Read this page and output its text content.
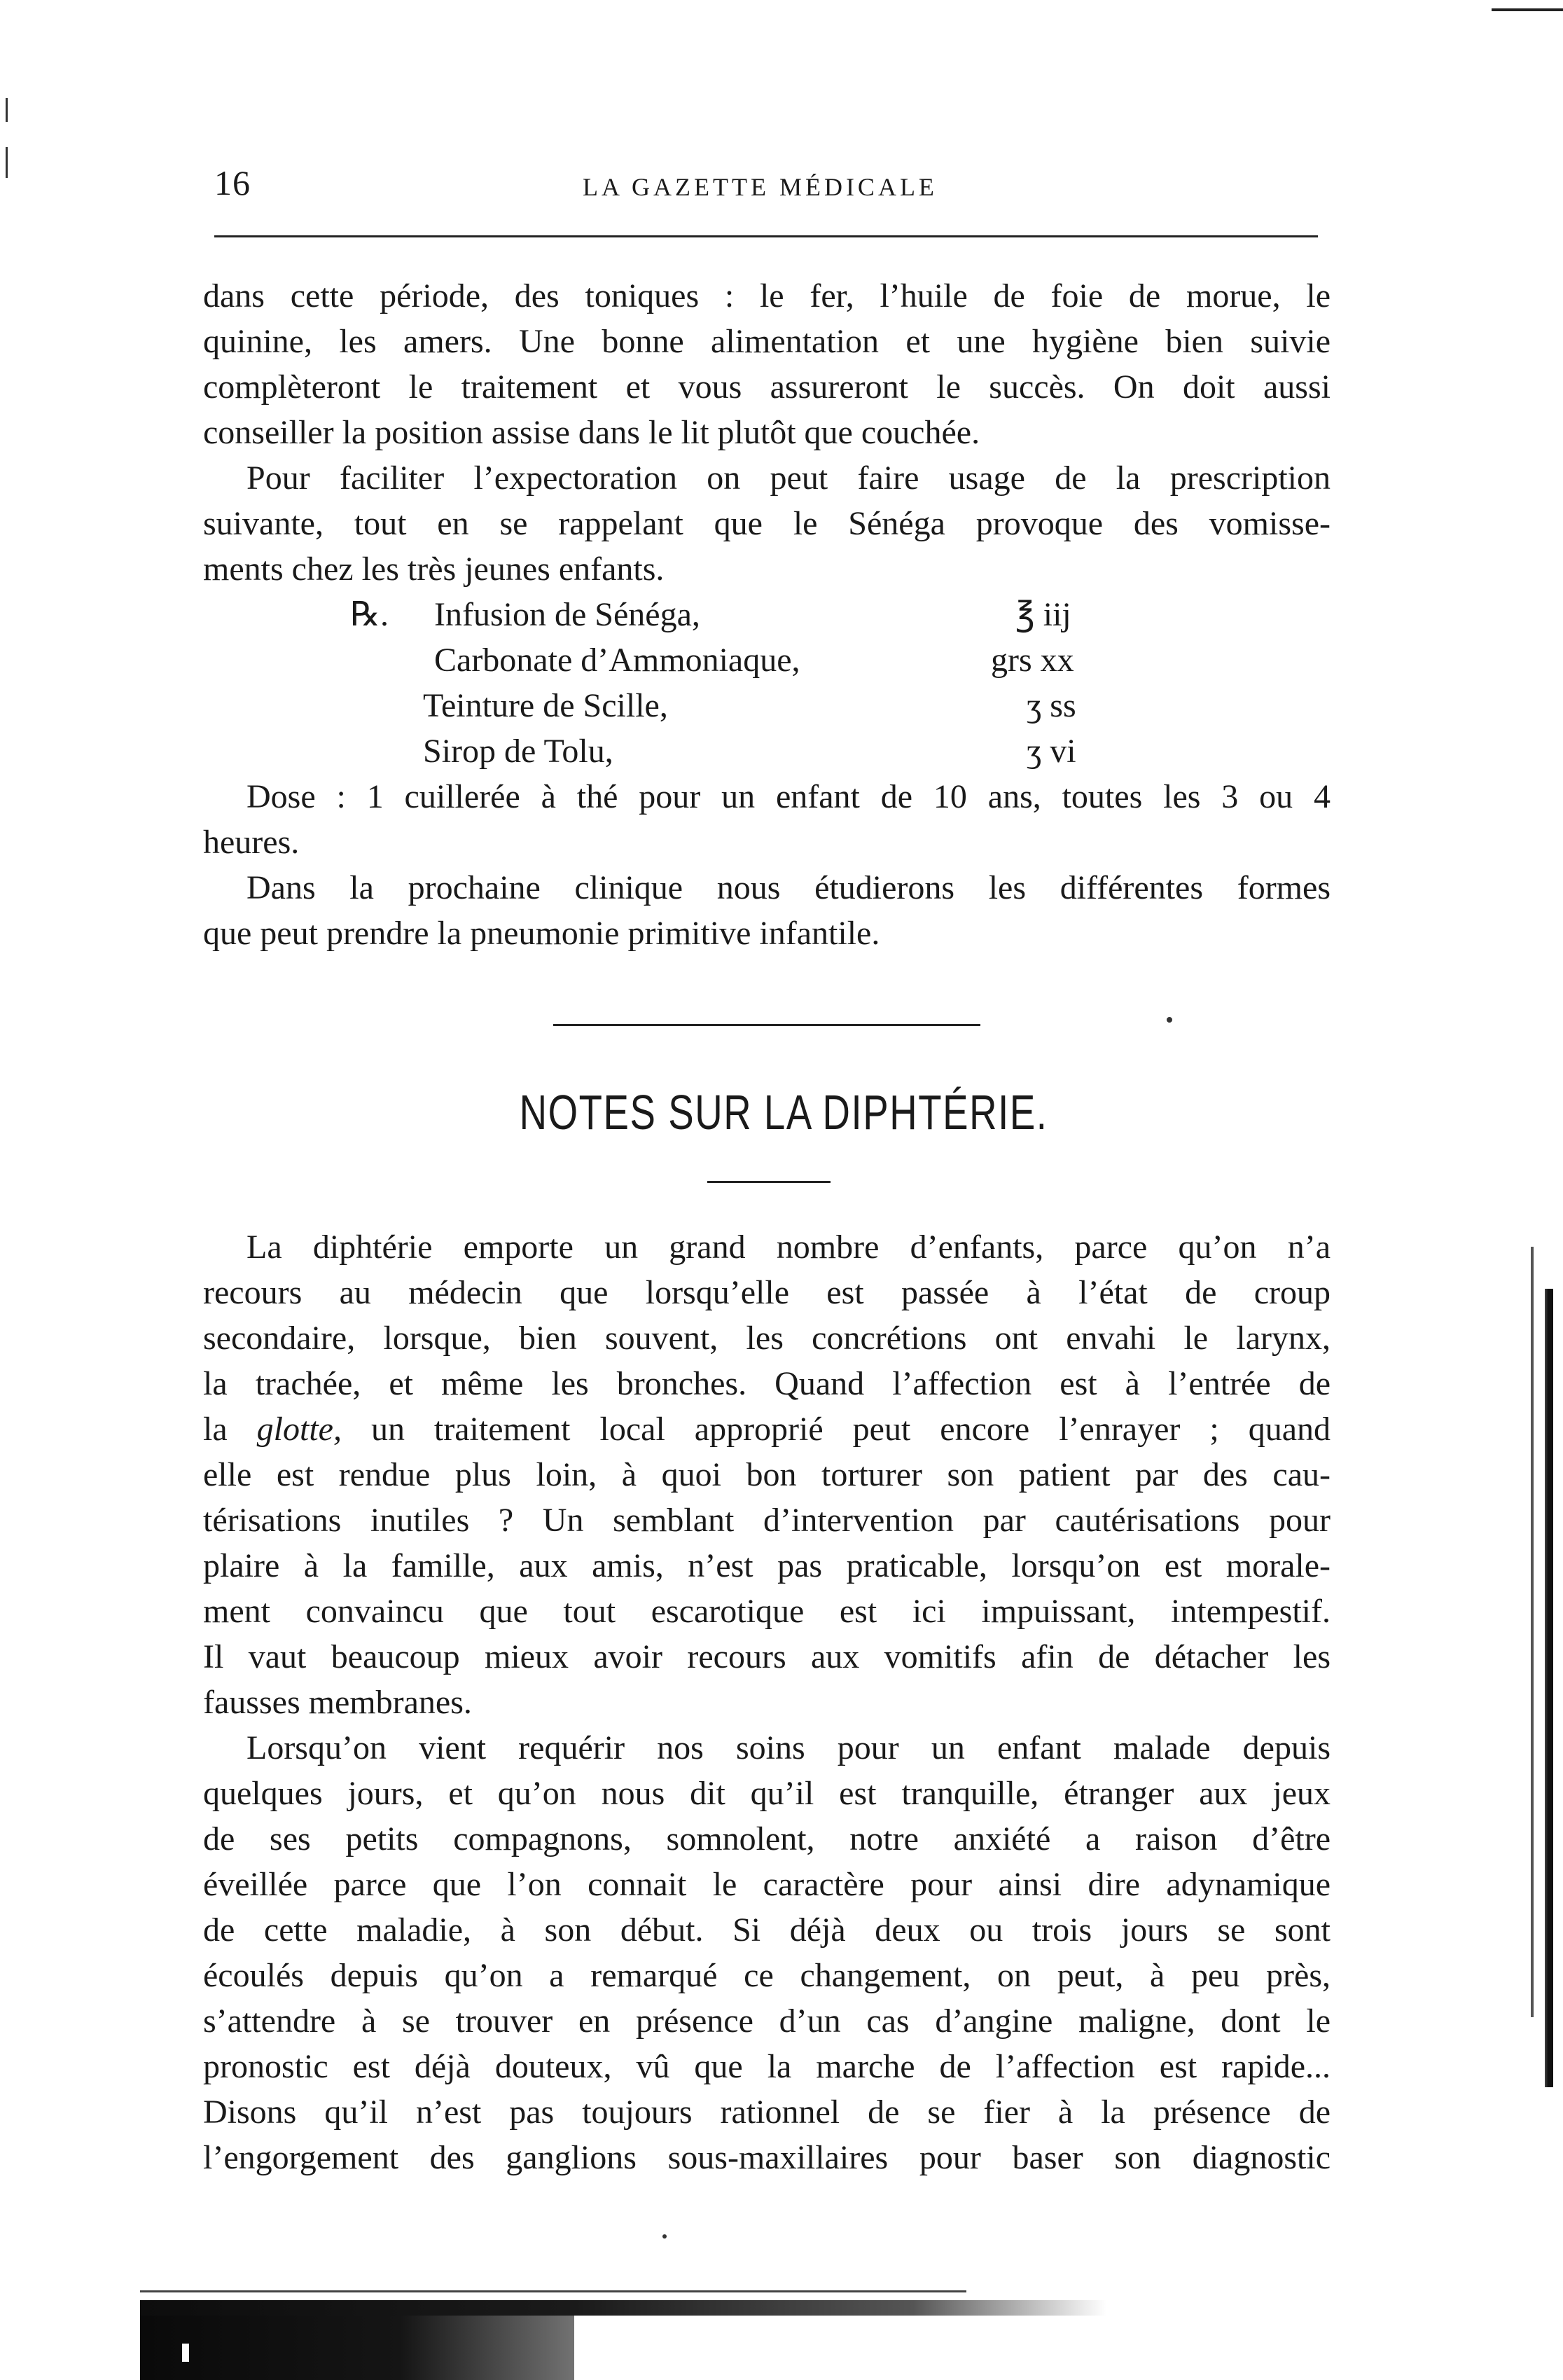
16	LA GAZETTE MÉDICALE
dans cette période, des toniques : le fer, l’huile de foie de morue, le
quinine, les amers. Une bonne alimentation et une hygiène bien suivie
complèteront le traitement et vous assureront le succès. On doit aussi
conseiller la position assise dans le lit plutôt que couchée.
Pour faciliter l’expectoration on peut faire usage de la prescription
suivante, tout en se rappelant que le Sénéga provoque des vomisse-
ments chez les très jeunes enfants.
℞. Infusion de Sénéga,	℥ iij
Carbonate d’Ammoniaque,	grs xx
Teinture de Scille,	ʒ ss
Sirop de Tolu,	ʒ vi
Dose : 1 cuillerée à thé pour un enfant de 10 ans, toutes les 3 ou 4
heures.
Dans la prochaine clinique nous étudierons les différentes formes
que peut prendre la pneumonie primitive infantile.
NOTES SUR LA DIPHTÉRIE.
La diphtérie emporte un grand nombre d’enfants, parce qu’on n’a
recours au médecin que lorsqu’elle est passée à l’état de croup
secondaire, lorsque, bien souvent, les concrétions ont envahi le larynx,
la trachée, et même les bronches. Quand l’affection est à l’entrée de
la glotte, un traitement local approprié peut encore l’enrayer ; quand
elle est rendue plus loin, à quoi bon torturer son patient par des cau-
térisations inutiles ? Un semblant d’intervention par cautérisations pour
plaire à la famille, aux amis, n’est pas praticable, lorsqu’on est morale-
ment convaincu que tout escarotique est ici impuissant, intempestif.
Il vaut beaucoup mieux avoir recours aux vomitifs afin de détacher les
fausses membranes.
Lorsqu’on vient requérir nos soins pour un enfant malade depuis
quelques jours, et qu’on nous dit qu’il est tranquille, étranger aux jeux
de ses petits compagnons, somnolent, notre anxiété a raison d’être
éveillée parce que l’on connait le caractère pour ainsi dire adynamique
de cette maladie, à son début. Si déjà deux ou trois jours se sont
écoulés depuis qu’on a remarqué ce changement, on peut, à peu près,
s’attendre à se trouver en présence d’un cas d’angine maligne, dont le
pronostic est déjà douteux, vû que la marche de l’affection est rapide...
Disons qu’il n’est pas toujours rationnel de se fier à la présence de
l’engorgement des ganglions sous-maxillaires pour baser son diagnostic
